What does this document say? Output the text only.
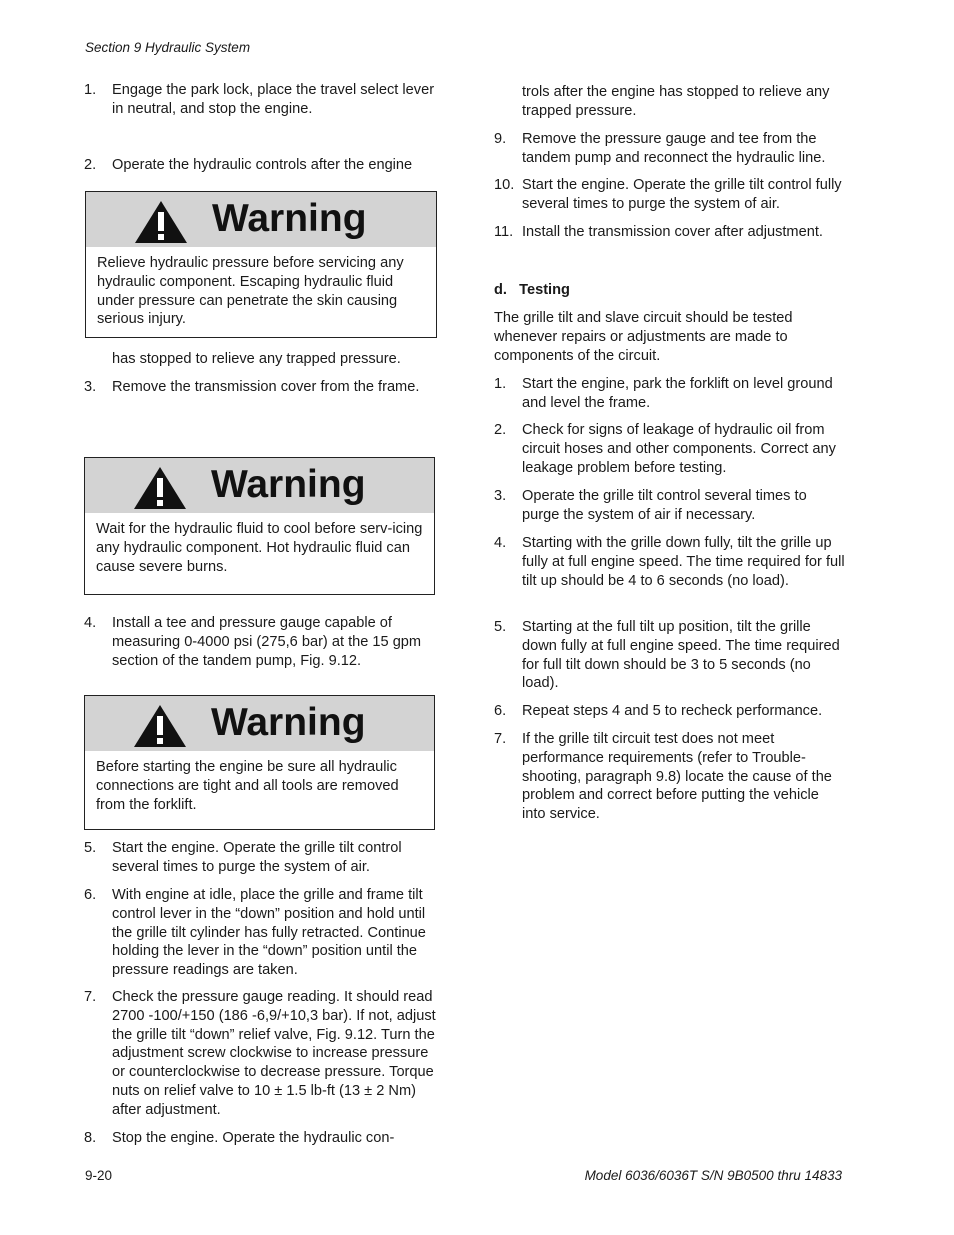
Section 9 Hydraulic System
1.	Engage the park lock, place the travel select lever in neutral, and stop the engine.
2.	Operate the hydraulic controls after the engine
Warning
Relieve hydraulic pressure before servicing any hydraulic component. Escaping hydraulic fluid under pressure can penetrate the skin causing serious injury.
has stopped to relieve any trapped pressure.
3.	Remove the transmission cover from the frame.
Warning
Wait for the hydraulic fluid to cool before serv-icing any hydraulic component. Hot hydraulic fluid can cause severe burns.
4.	Install a tee and pressure gauge capable of measuring 0-4000 psi (275,6 bar) at the 15 gpm section of the tandem pump, Fig. 9.12.
Warning
Before starting the engine be sure all hydraulic connections are tight and all tools are removed from the forklift.
5.	Start the engine. Operate the grille tilt control several times to purge the system of air.
6.	With engine at idle, place the grille and frame tilt control lever in the “down” position and hold until the grille tilt cylinder has fully retracted. Continue holding the lever in the “down” position until the pressure readings are taken.
7.	Check the pressure gauge reading. It should read 2700 -100/+150 (186 -6,9/+10,3 bar). If not, adjust the grille tilt “down” relief valve, Fig. 9.12. Turn the adjustment screw clockwise to increase pressure or counterclockwise to decrease pressure. Torque nuts on relief valve to 10 ± 1.5 lb-ft (13 ± 2 Nm) after adjustment.
8.	Stop the engine. Operate the hydraulic con-
trols after the engine has stopped to relieve any trapped pressure.
9.	Remove the pressure gauge and tee from the tandem pump and reconnect the hydraulic line.
10. Start the engine. Operate the grille tilt control fully several times to purge the system of air.
11. Install the transmission cover after adjustment.
d.   Testing
The grille tilt and slave circuit should be tested whenever repairs or adjustments are made to components of the circuit.
1.	Start the engine, park the forklift on level ground and level the frame.
2.	Check for signs of leakage of hydraulic oil from circuit hoses and other components. Correct any leakage problem before testing.
3.	Operate the grille tilt control several times to purge the system of air if necessary.
4.	Starting with the grille down fully, tilt the grille up fully at full engine speed. The time required for full tilt up should be 4 to 6 seconds (no load).
5.	Starting at the full tilt up position, tilt the grille down fully at full engine speed. The time required for full tilt down should be 3 to 5 seconds (no load).
6.	Repeat steps 4 and 5 to recheck performance.
7.	If the grille tilt circuit test does not meet performance requirements (refer to Trouble-shooting, paragraph 9.8) locate the cause of the problem and correct before putting the vehicle into service.
9-20	Model 6036/6036T S/N 9B0500 thru 14833
